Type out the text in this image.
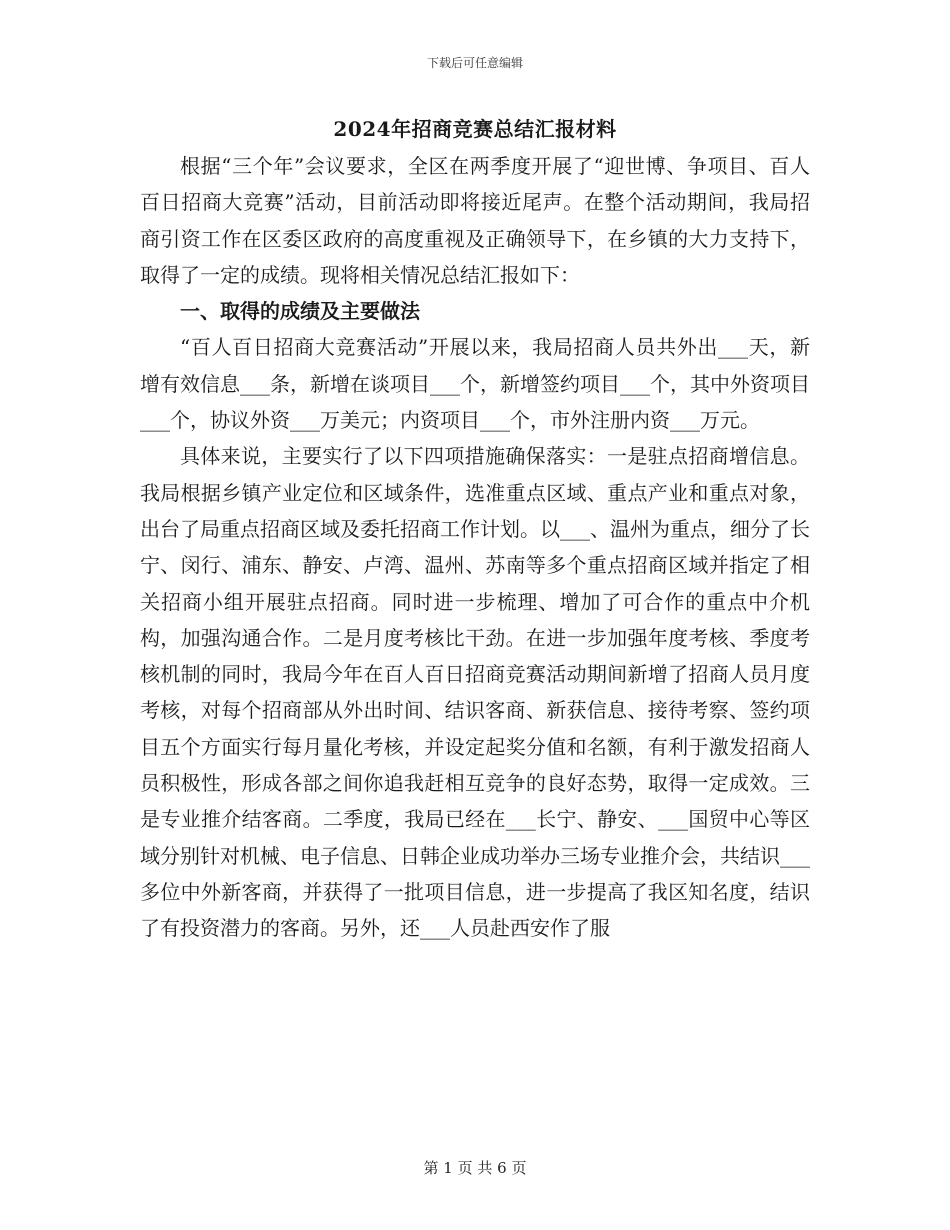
下载后可任意编辑
2024年招商竞赛总结汇报材料

根据“三个年”会议要求，全区在两季度开展了“迎世博、争项目、百人百日招商大竞赛”活动，目前活动即将接近尾声。在整个活动期间，我局招商引资工作在区委区政府的高度重视及正确领导下，在乡镇的大力支持下，取得了一定的成绩。现将相关情况总结汇报如下：

一、取得的成绩及主要做法

“百人百日招商大竞赛活动”开展以来，我局招商人员共外出___天，新增有效信息___条，新增在谈项目___个，新增签约项目___个，其中外资项目___个，协议外资___万美元；内资项目___个，市外注册内资___万元。

具体来说，主要实行了以下四项措施确保落实：一是驻点招商增信息。我局根据乡镇产业定位和区域条件，选准重点区域、重点产业和重点对象，出台了局重点招商区域及委托招商工作计划。以___、温州为重点，细分了长宁、闵行、浦东、静安、卢湾、温州、苏南等多个重点招商区域并指定了相关招商小组开展驻点招商。同时进一步梳理、增加了可合作的重点中介机构，加强沟通合作。二是月度考核比干劲。在进一步加强年度考核、季度考核机制的同时，我局今年在百人百日招商竞赛活动期间新增了招商人员月度考核，对每个招商部从外出时间、结识客商、新获信息、接待考察、签约项目五个方面实行每月量化考核，并设定起奖分值和名额，有利于激发招商人员积极性，形成各部之间你追我赶相互竞争的良好态势，取得一定成效。三是专业推介结客商。二季度，我局已经在___长宁、静安、___国贸中心等区域分别针对机械、电子信息、日韩企业成功举办三场专业推介会，共结识___多位中外新客商，并获得了一批项目信息，进一步提高了我区知名度，结识了有投资潜力的客商。另外，还___人员赴西安作了服

第 1 页 共 6 页
